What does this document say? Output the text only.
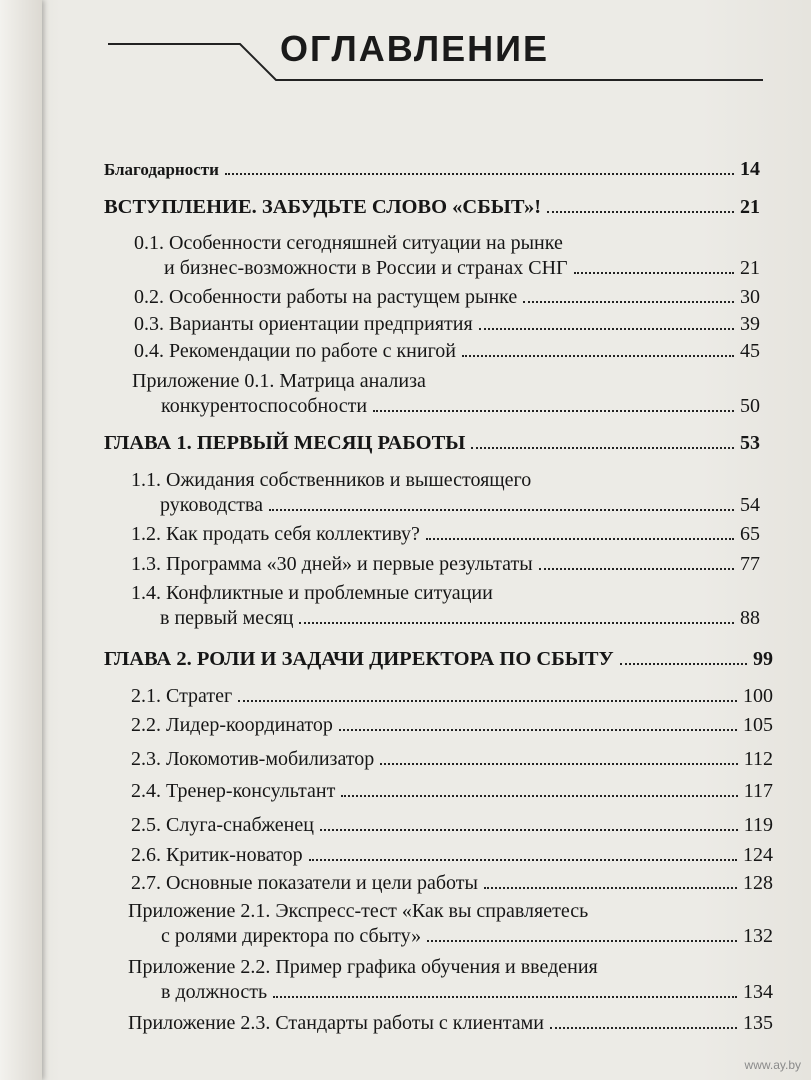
ОГЛАВЛЕНИЕ
Благодарности	14
ВСТУПЛЕНИЕ. ЗАБУДЬТЕ СЛОВО «СБЫТ»!	21
0.1. Особенности сегодняшней ситуации на рынке
и бизнес-возможности в России и странах СНГ	21
0.2. Особенности работы на растущем рынке	30
0.3. Варианты ориентации предприятия	39
0.4. Рекомендации по работе с книгой	45
Приложение 0.1. Матрица анализа
конкурентоспособности	50
ГЛАВА 1. ПЕРВЫЙ МЕСЯЦ РАБОТЫ	53
1.1. Ожидания собственников и вышестоящего
руководства	54
1.2. Как продать себя коллективу?	65
1.3. Программа «30 дней» и первые результаты	77
1.4. Конфликтные и проблемные ситуации
в первый месяц	88
ГЛАВА 2. РОЛИ И ЗАДАЧИ ДИРЕКТОРА ПО СБЫТУ	99
2.1. Стратег	100
2.2. Лидер-координатор	105
2.3. Локомотив-мобилизатор	112
2.4. Тренер-консультант	117
2.5. Слуга-снабженец	119
2.6. Критик-новатор	124
2.7. Основные показатели и цели работы	128
Приложение 2.1. Экспресс-тест «Как вы справляетесь
с ролями директора по сбыту»	132
Приложение 2.2. Пример графика обучения и введения
в должность	134
Приложение 2.3. Стандарты работы с клиентами	135
www.ay.by
